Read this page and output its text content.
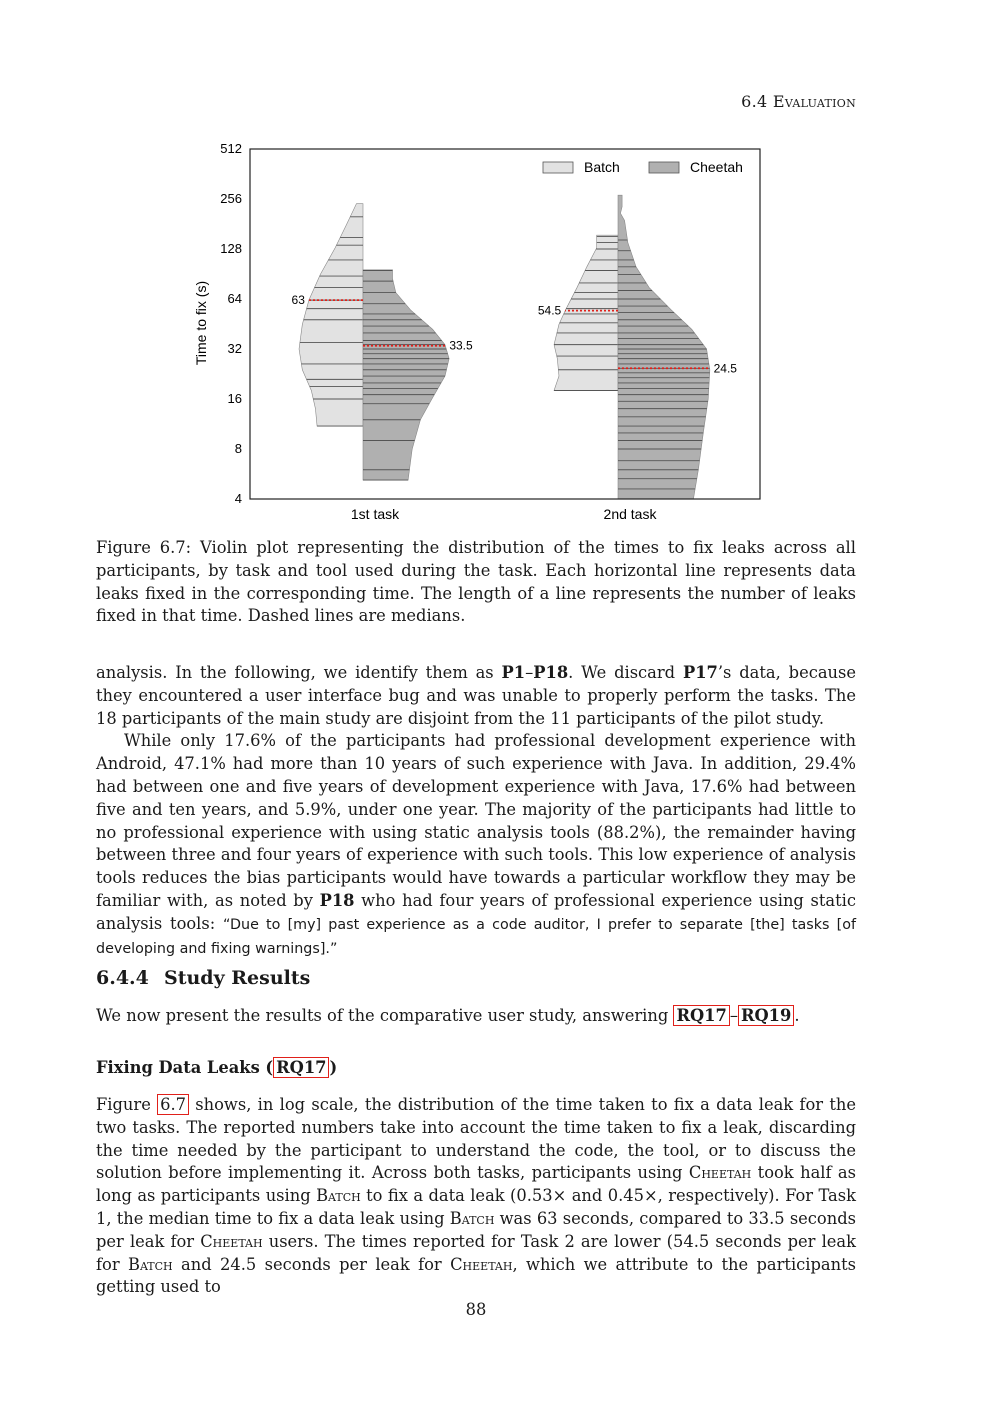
6.4 Evaluation
4
8
16
32
64
128
256
512
Time to fix (s)	63
33.5
54.5
24.5
1st task	2nd task
Batch	Cheetah
Figure 6.7: Violin plot representing the distribution of the times to fix leaks across all participants, by task and tool used during the task. Each horizontal line represents data leaks fixed in the corresponding time. The length of a line represents the number of leaks fixed in that time. Dashed lines are medians.

analysis. In the following, we identify them as P1–P18. We discard P17’s data, because they encountered a user interface bug and was unable to properly perform the tasks. The 18 participants of the main study are disjoint from the 11 participants of the pilot study.

While only 17.6% of the participants had professional development experience with Android, 47.1% had more than 10 years of such experience with Java. In addition, 29.4% had between one and five years of development experience with Java, 17.6% had between five and ten years, and 5.9%, under one year. The majority of the participants had little to no professional experience with using static analysis tools (88.2%), the remainder having between three and four years of experience with such tools. This low experience of analysis tools reduces the bias participants would have towards a particular workflow they may be familiar with, as noted by P18 who had four years of professional experience using static analysis tools: “Due to [my] past experience as a code auditor, I prefer to separate [the] tasks [of developing and fixing warnings].”

6.4.4 Study Results

We now present the results of the comparative user study, answering RQ17 – RQ19 .

Fixing Data Leaks ( RQ17 )

Figure 6.7 shows, in log scale, the distribution of the time taken to fix a data leak for the two tasks. The reported numbers take into account the time taken to fix a leak, discarding the time needed by the participant to understand the code, the tool, or to discuss the solution before implementing it. Across both tasks, participants using Cheetah took half as long as participants using Batch to fix a data leak (0.53× and 0.45×, respectively). For Task 1, the median time to fix a data leak using Batch was 63 seconds, compared to 33.5 seconds per leak for Cheetah users. The times reported for Task 2 are lower (54.5 seconds per leak for Batch and 24.5 seconds per leak for Cheetah, which we attribute to the participants getting used to

88
